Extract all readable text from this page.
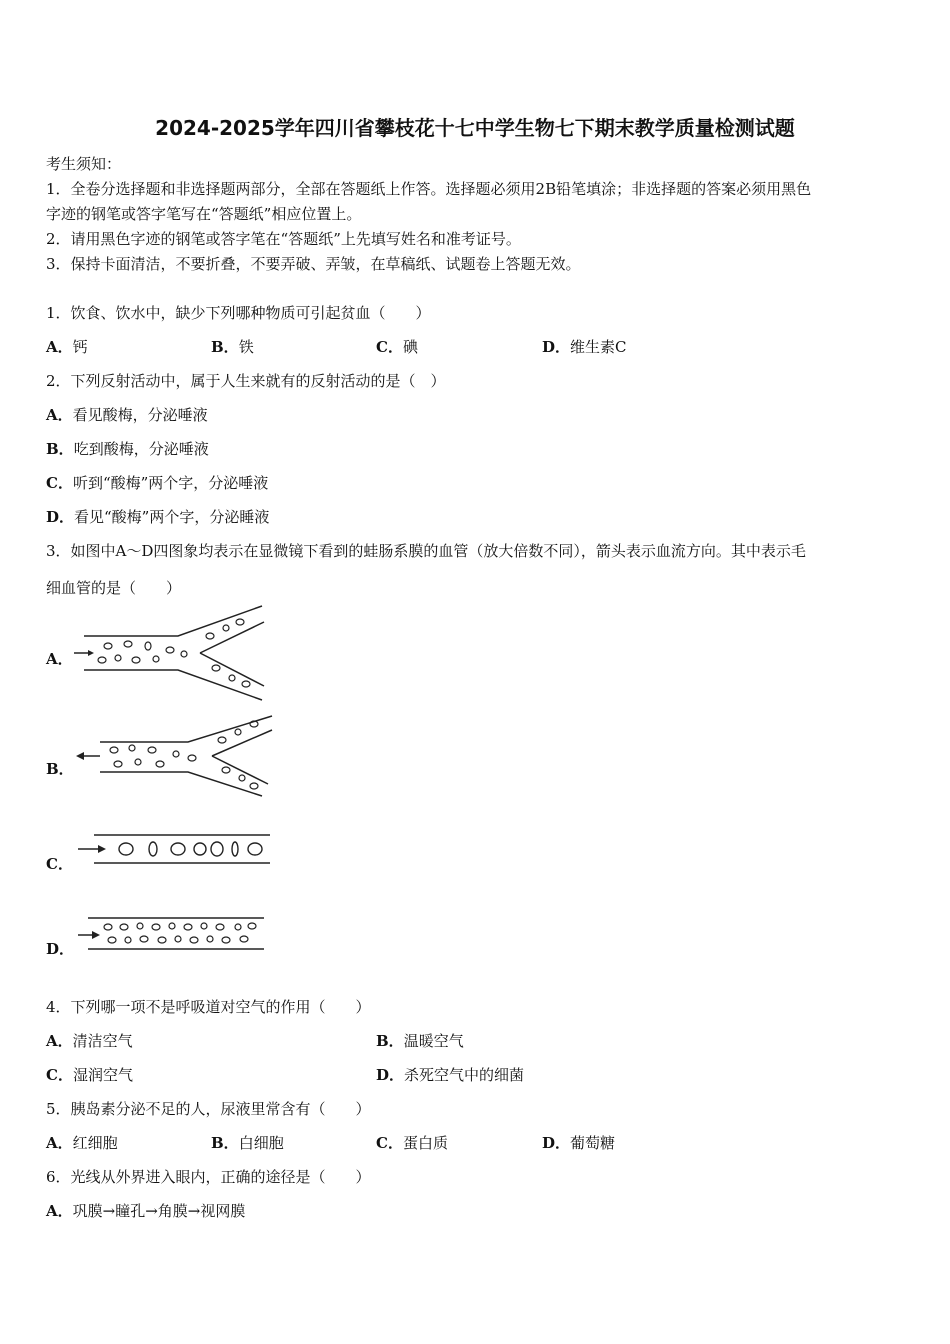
2024-2025学年四川省攀枝花十七中学生物七下期末教学质量检测试题
考生须知：
1．全卷分选择题和非选择题两部分，全部在答题纸上作答。选择题必须用2B铅笔填涂；非选择题的答案必须用黑色
字迹的钢笔或答字笔写在“答题纸”相应位置上。
2．请用黑色字迹的钢笔或答字笔在“答题纸”上先填写姓名和准考证号。
3．保持卡面清洁，不要折叠，不要弄破、弄皱，在草稿纸、试题卷上答题无效。
1．饮食、饮水中，缺少下列哪种物质可引起贫血（　　）
A．钙	B．铁	C．碘	D．维生素C
2．下列反射活动中，属于人生来就有的反射活动的是（　）
A．看见酸梅，分泌唾液
B．吃到酸梅，分泌唾液
C．听到“酸梅”两个字，分泌唾液
D．看见“酸梅”两个字，分泌睡液
3．如图中A～D四图象均表示在显微镜下看到的蛙肠系膜的血管（放大倍数不同），箭头表示血流方向。其中表示毛
细血管的是（　　）
A．
B．
C．
D．
4．下列哪一项不是呼吸道对空气的作用（　　）
A．清洁空气	B．温暖空气
C．湿润空气	D．杀死空气中的细菌
5．胰岛素分泌不足的人，尿液里常含有（　　）
A．红细胞	B．白细胞	C．蛋白质	D．葡萄糖
6．光线从外界进入眼内，正确的途径是（　　）
A．巩膜→瞳孔→角膜→视网膜
